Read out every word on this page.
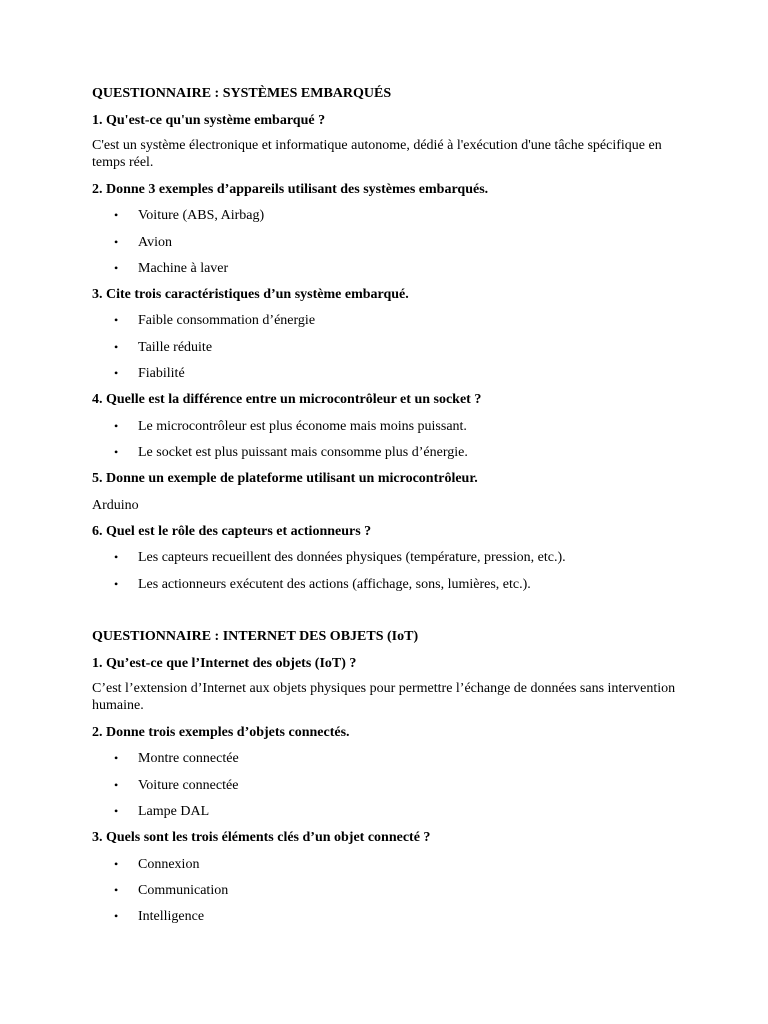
QUESTIONNAIRE : SYSTÈMES EMBARQUÉS
1. Qu'est-ce qu'un système embarqué ?
C'est un système électronique et informatique autonome, dédié à l'exécution d'une tâche spécifique en temps réel.
2. Donne 3 exemples d’appareils utilisant des systèmes embarqués.
• Voiture (ABS, Airbag)
• Avion
• Machine à laver
3. Cite trois caractéristiques d’un système embarqué.
• Faible consommation d’énergie
• Taille réduite
• Fiabilité
4. Quelle est la différence entre un microcontrôleur et un socket ?
• Le microcontrôleur est plus économe mais moins puissant.
• Le socket est plus puissant mais consomme plus d’énergie.
5. Donne un exemple de plateforme utilisant un microcontrôleur.
Arduino
6. Quel est le rôle des capteurs et actionneurs ?
• Les capteurs recueillent des données physiques (température, pression, etc.).
• Les actionneurs exécutent des actions (affichage, sons, lumières, etc.).
QUESTIONNAIRE : INTERNET DES OBJETS (IoT)
1. Qu’est-ce que l’Internet des objets (IoT) ?
C’est l’extension d’Internet aux objets physiques pour permettre l’échange de données sans intervention humaine.
2. Donne trois exemples d’objets connectés.
• Montre connectée
• Voiture connectée
• Lampe DAL
3. Quels sont les trois éléments clés d’un objet connecté ?
• Connexion
• Communication
• Intelligence
